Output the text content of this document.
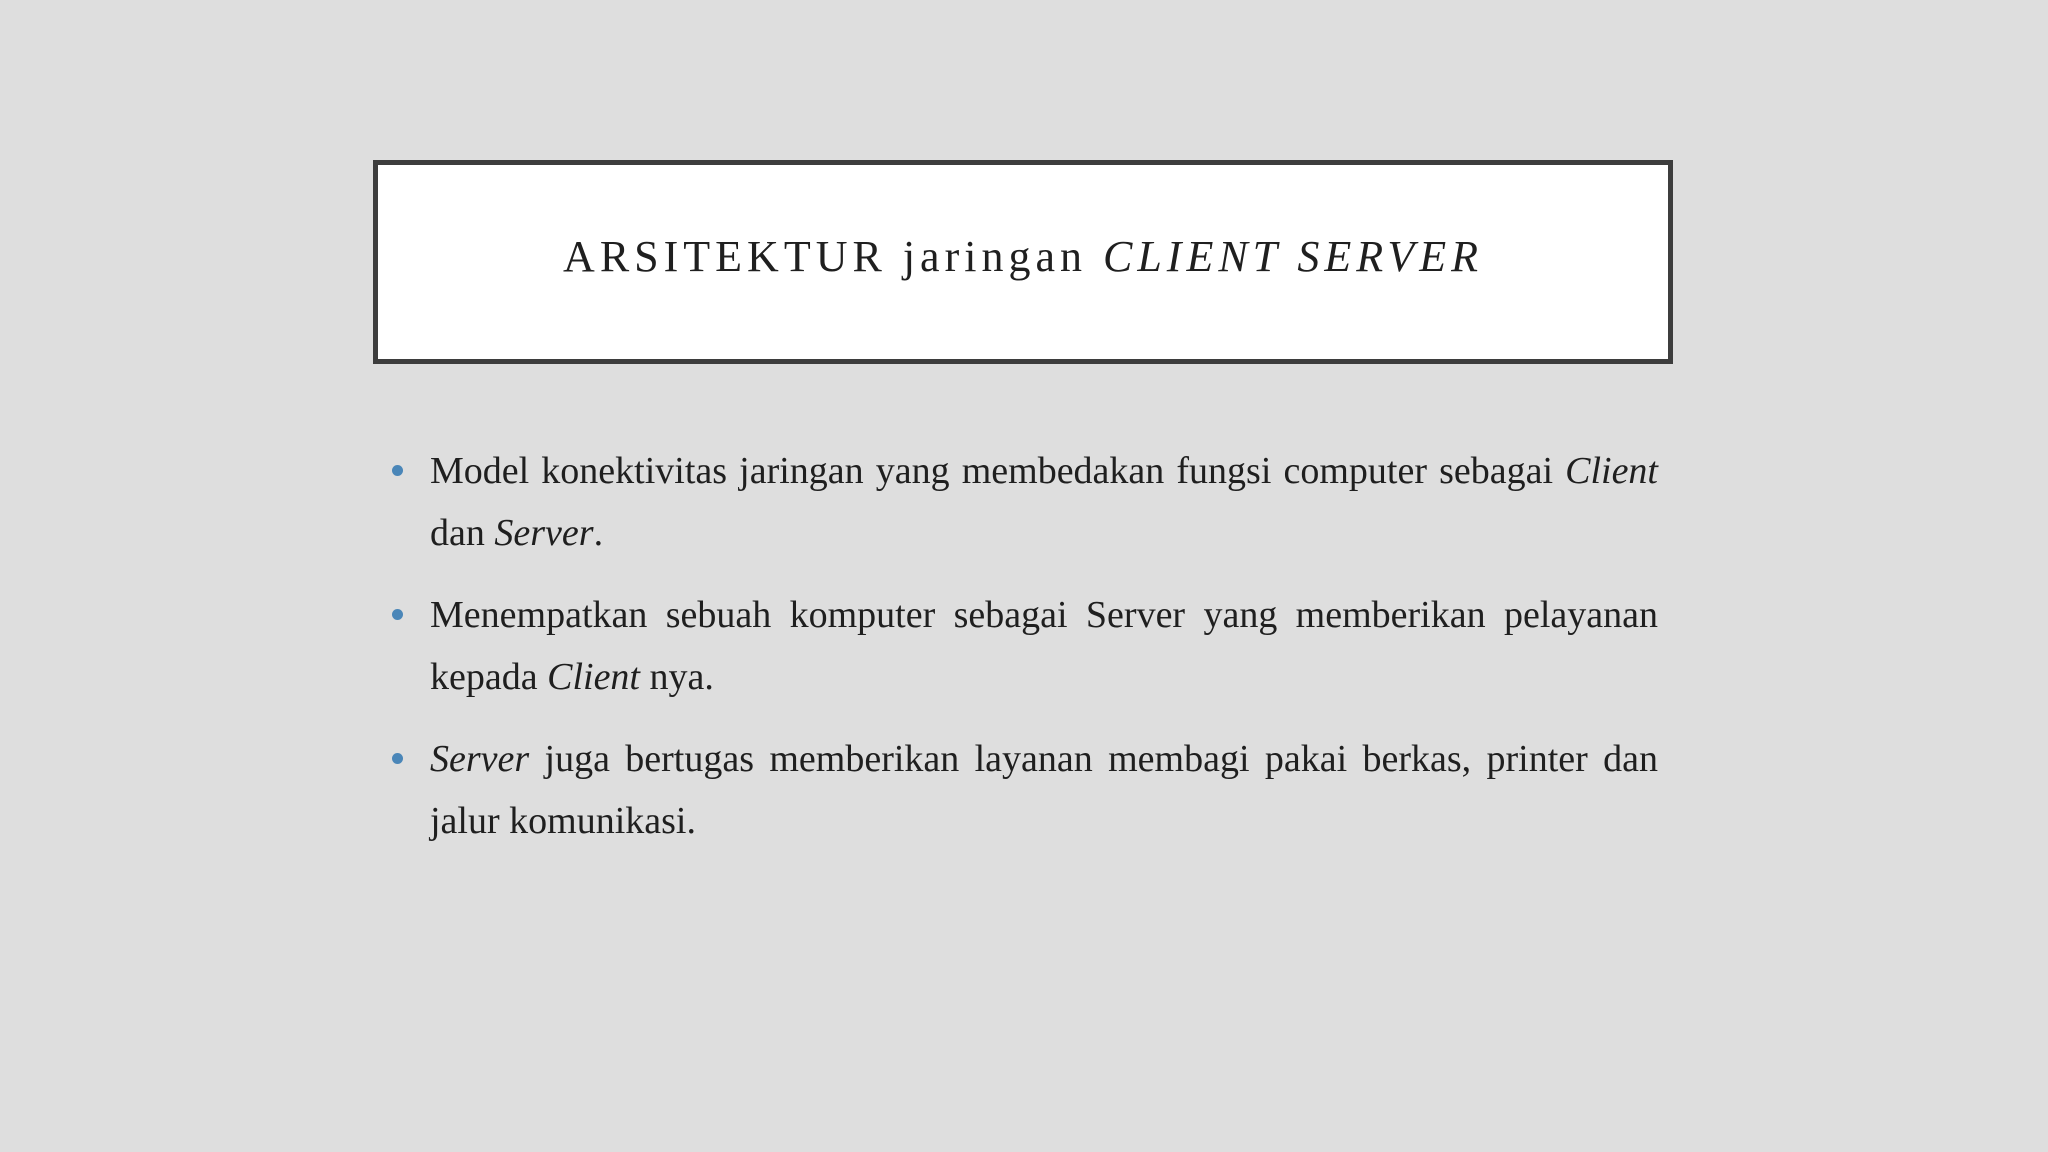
ARSITEKTUR jaringan CLIENT SERVER
Model konektivitas jaringan yang membedakan fungsi computer sebagai Client dan Server.
Menempatkan sebuah komputer sebagai Server yang memberikan pelayanan kepada Client nya.
Server juga bertugas memberikan layanan membagi pakai berkas, printer dan jalur komunikasi.
